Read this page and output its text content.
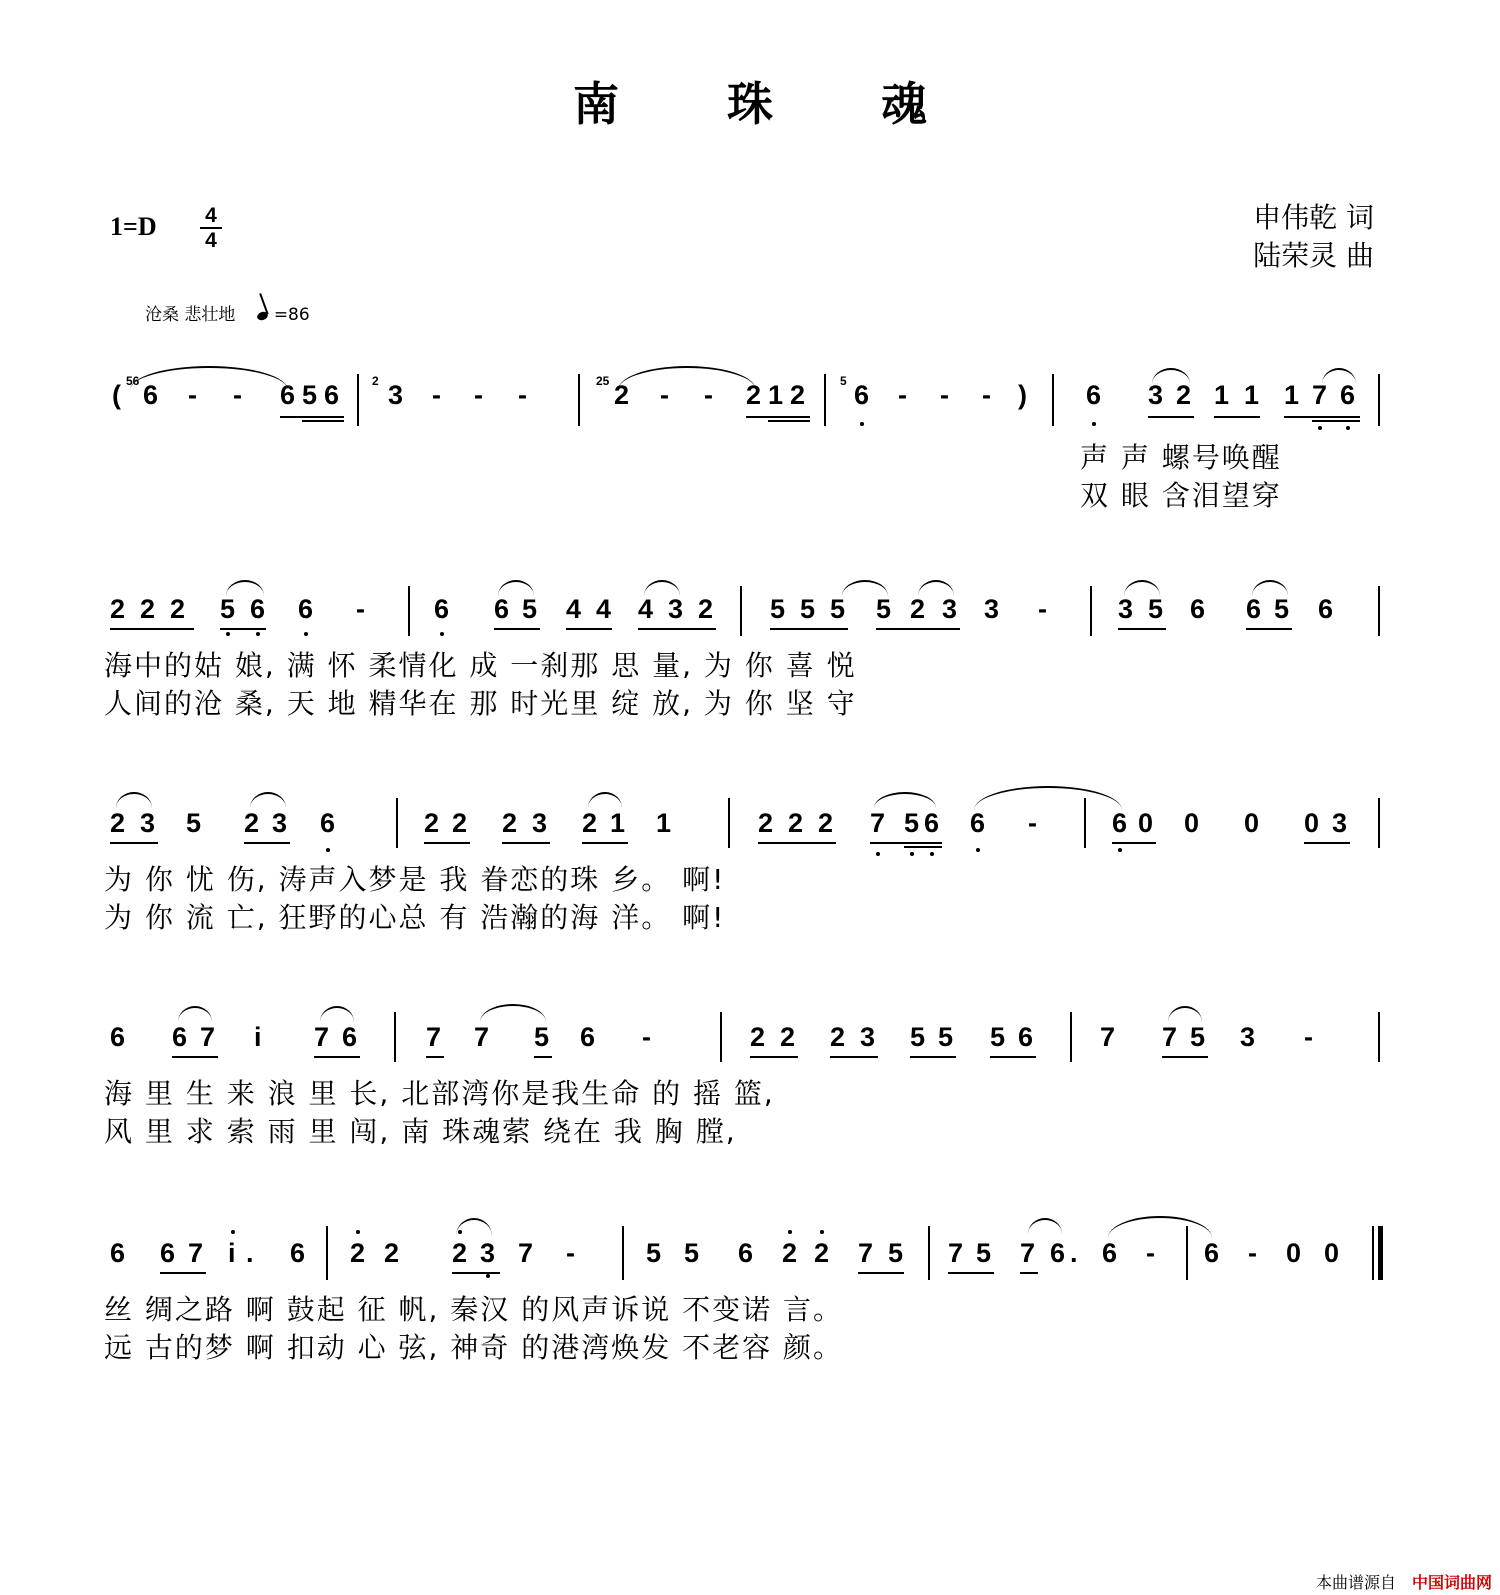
南 珠 魂
1=D 4
4
申伟乾 词
陆荣灵 曲
沧桑 悲壮地 =86
( 56 6 - - 6 5 6	2 3 - - -	25 2 - - 2 1 2	5 6 - - - ) 6 3 2 1 1 1 7 6
声 声 螺号唤醒
双 眼 含泪望穿
2 2 2 5 6 6 -	6 6 5 4 4 4 3 2 5 5 5 5 2 3 3 -	3 5 6 6 5 6
海中的姑 娘, 满 怀 柔情化 成 一刹那 思 量, 为 你 喜 悦
人间的沧 桑, 天 地 精华在 那 时光里 绽 放, 为 你 坚 守
2 3 5 2 3 6	2 2 2 3 2 1 1	2 2 2 7 5 6 6 -	6 0 0 0 0 3
为 你 忧 伤, 涛声入梦是 我 眷恋的珠 乡。 啊!
为 你 流 亡, 狂野的心总 有 浩瀚的海 洋。 啊!
6 6 7 i 7 6	7 7 5 6 -	2 2 2 3 5 5 5 6 7 7 5 3 -
海 里 生 来 浪 里 长, 北部湾你是我生命 的 摇 篮,
风 里 求 索 雨 里 闯, 南 珠魂萦 绕在 我 胸 膛,
6 6 7 i . 6 2 2 2 3 7 -	5 5 6 2 2 7 5 7 5 7 6 . 6 - 6 - 0 0
丝 绸之路 啊 鼓起 征 帆, 秦汉 的风声诉说 不变诺 言。
远 古的梦 啊 扣动 心 弦, 神奇 的港湾焕发 不老容 颜。
本曲谱源自 中国词曲网
